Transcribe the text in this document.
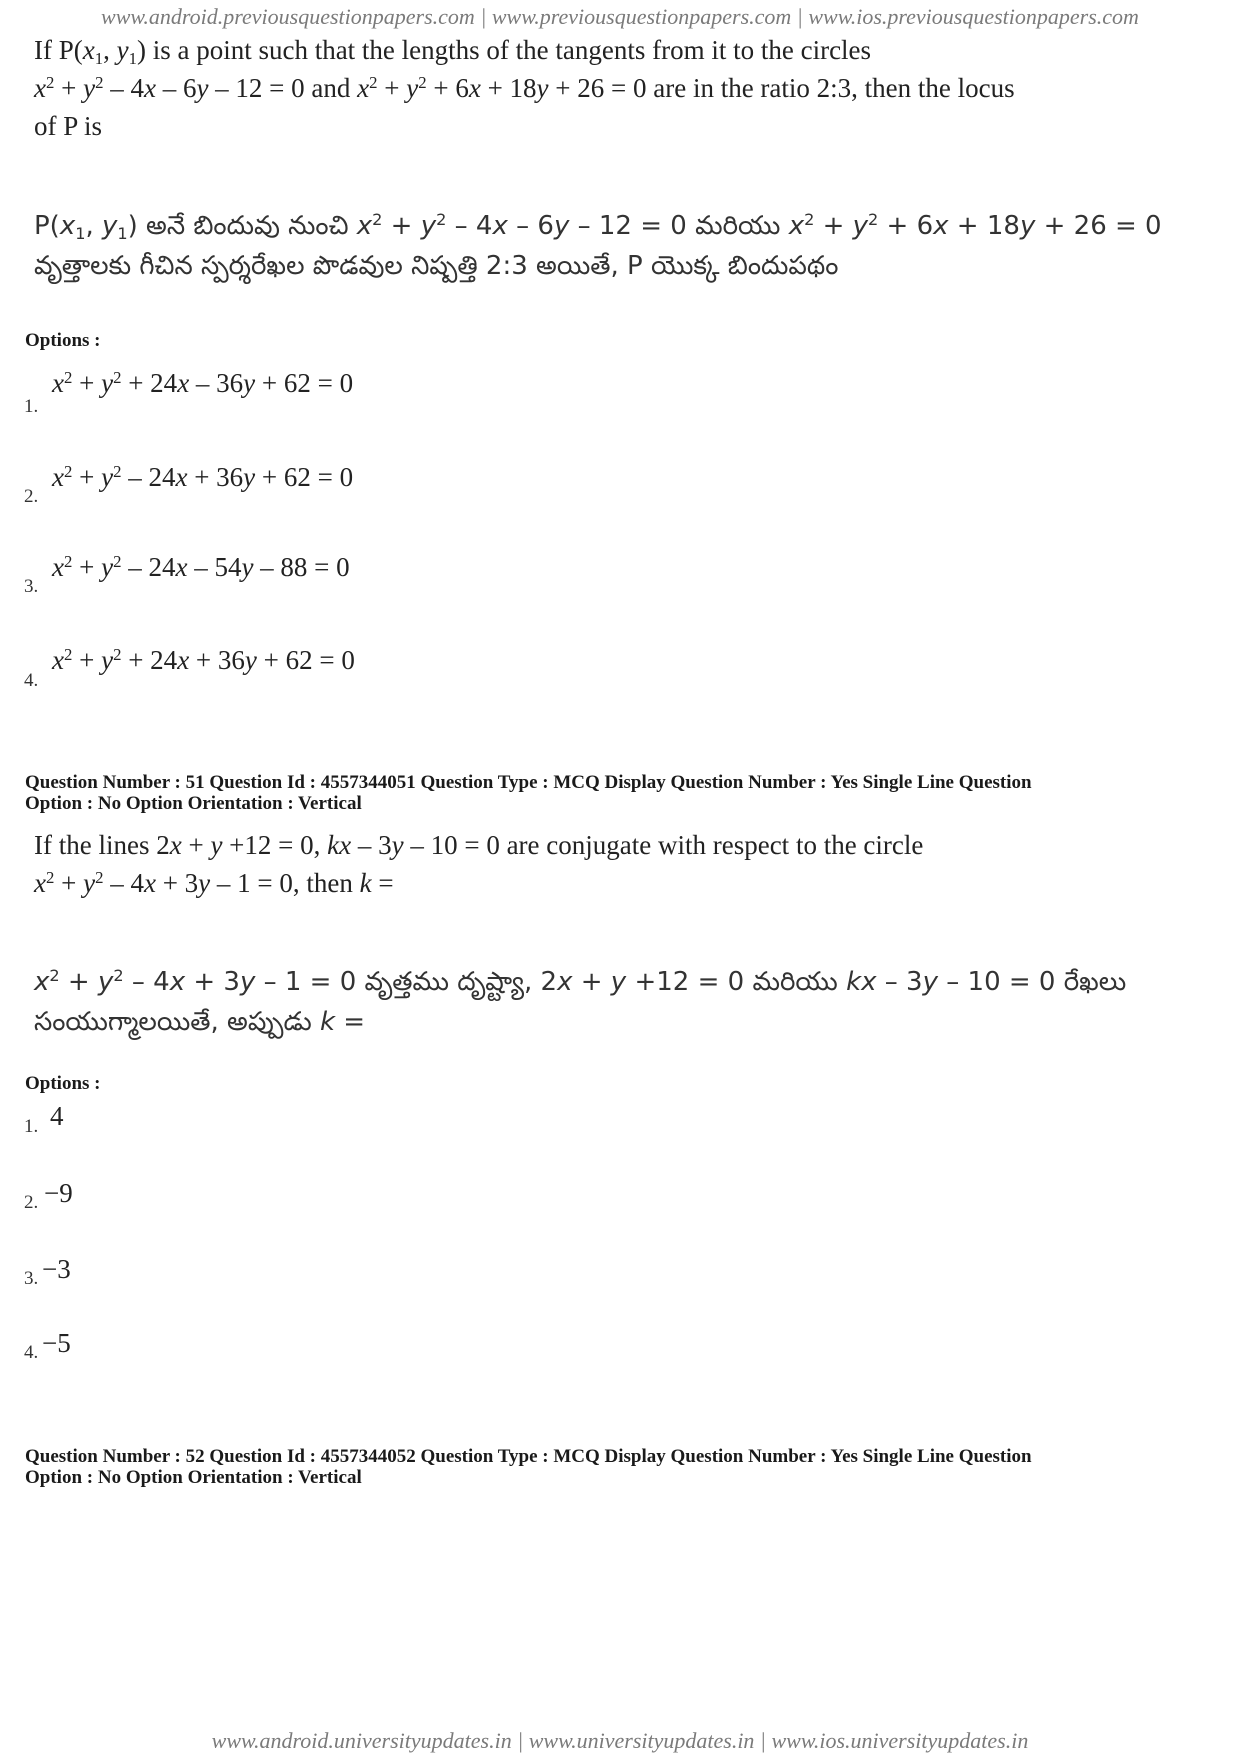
www.android.previousquestionpapers.com | www.previousquestionpapers.com | www.ios.previousquestionpapers.com
If $P(x_1$, $y_1$) is a point such that the lengths of the tangents from it to the circles
$x^2 + y^2 - 4x - 6y - 12 = 0$ and $x^2 + y^2 + 6x + 18y + 26 = 0$ are in the ratio 2:3, then the locus
of P is
$P(x_1$, $y_1$) అనే బిందువు నుంచి $x^2 + y^2 - 4x - 6y - 12 = 0$ మరియు $x^2 + y^2 + 6x + 18y + 26 = 0$
వృత్తాలకు గీచిన స్పర్శరేఖల పొడవుల నిష్పత్తి 2:3 అయితే, P యొక్క బిందుపథం
Options :
1.
$x^2 + y^2 + 24x - 36y + 62 = 0$
2.
$x^2 + y^2 - 24x + 36y + 62 = 0$
3.
$x^2 + y^2 - 24x - 54y - 88 = 0$
4.
$x^2 + y^2 + 24x + 36y + 62 = 0$
Question Number : 51 Question Id : 4557344051 Question Type : MCQ Display Question Number : Yes Single Line Question
Option : No Option Orientation : Vertical
If the lines 2x + y +12 = 0, kx – 3y – 10 = 0 are conjugate with respect to the circle
$x^2 + y^2 - 4x + 3y - 1 = 0$, then k =
$x^2 + y^2 - 4x + 3y - 1 = 0$ వృత్తము దృష్ట్యా, 2x + y +12 = 0 మరియు kx – 3y – 10 = 0 రేఖలు
సంయుగ్మాలయితే, అప్పుడు k =
Options :
1. 4
2. −9
3. −3
4. −5
Question Number : 52 Question Id : 4557344052 Question Type : MCQ Display Question Number : Yes Single Line Question
Option : No Option Orientation : Vertical
www.android.universityupdates.in | www.universityupdates.in | www.ios.universityupdates.in
